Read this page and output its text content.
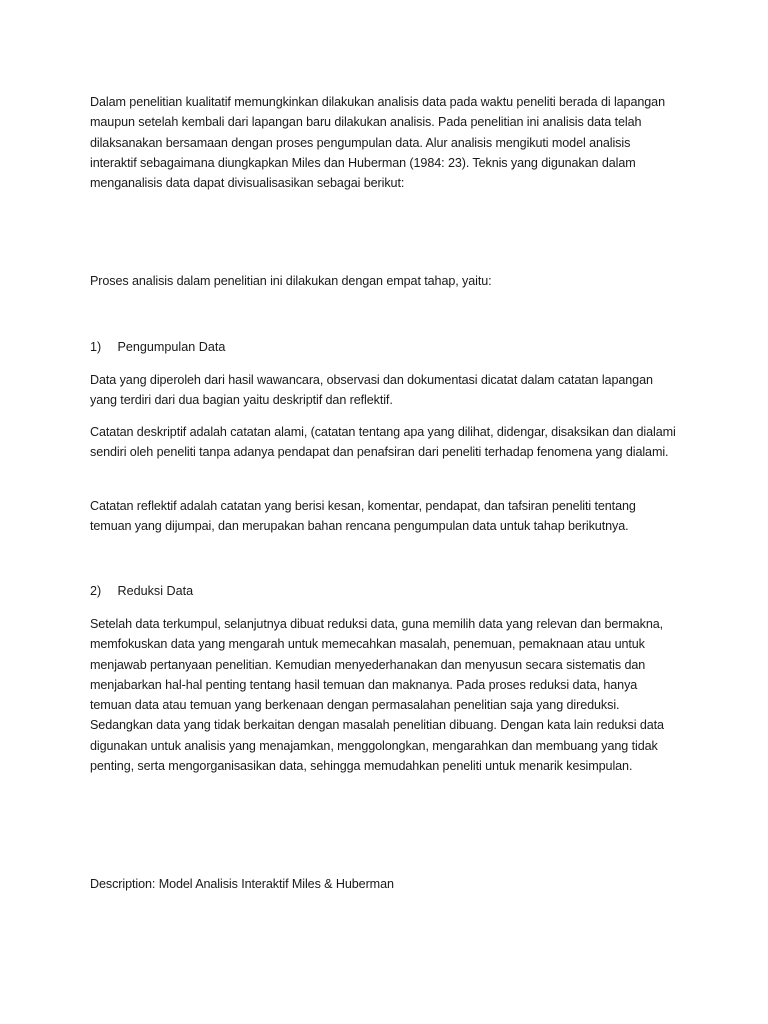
Dalam penelitian kualitatif memungkinkan dilakukan analisis data pada waktu peneliti berada di lapangan maupun setelah kembali dari lapangan baru dilakukan analisis. Pada penelitian ini analisis data telah dilaksanakan bersamaan dengan proses pengumpulan data. Alur analisis mengikuti model analisis interaktif sebagaimana diungkapkan Miles dan Huberman (1984: 23). Teknis yang digunakan dalam menganalisis data dapat divisualisasikan sebagai berikut:

Proses analisis dalam penelitian ini dilakukan dengan empat tahap, yaitu:

1) Pengumpulan Data

Data yang diperoleh dari hasil wawancara, observasi dan dokumentasi dicatat dalam catatan lapangan yang terdiri dari dua bagian yaitu deskriptif dan reflektif.

Catatan deskriptif adalah catatan alami, (catatan tentang apa yang dilihat, didengar, disaksikan dan dialami sendiri oleh peneliti tanpa adanya pendapat dan penafsiran dari peneliti terhadap fenomena yang dialami.

Catatan reflektif adalah catatan yang berisi kesan, komentar, pendapat, dan tafsiran peneliti tentang temuan yang dijumpai, dan merupakan bahan rencana pengumpulan data untuk tahap berikutnya.

2) Reduksi Data

Setelah data terkumpul, selanjutnya dibuat reduksi data, guna memilih data yang relevan dan bermakna, memfokuskan data yang mengarah untuk memecahkan masalah, penemuan, pemaknaan atau untuk menjawab pertanyaan penelitian. Kemudian menyederhanakan dan menyusun secara sistematis dan menjabarkan hal-hal penting tentang hasil temuan dan maknanya. Pada proses reduksi data, hanya temuan data atau temuan yang berkenaan dengan permasalahan penelitian saja yang direduksi. Sedangkan data yang tidak berkaitan dengan masalah penelitian dibuang. Dengan kata lain reduksi data digunakan untuk analisis yang menajamkan, menggolongkan, mengarahkan dan membuang yang tidak penting, serta mengorganisasikan data, sehingga memudahkan peneliti untuk menarik kesimpulan.

Description: Model Analisis Interaktif Miles & Huberman
